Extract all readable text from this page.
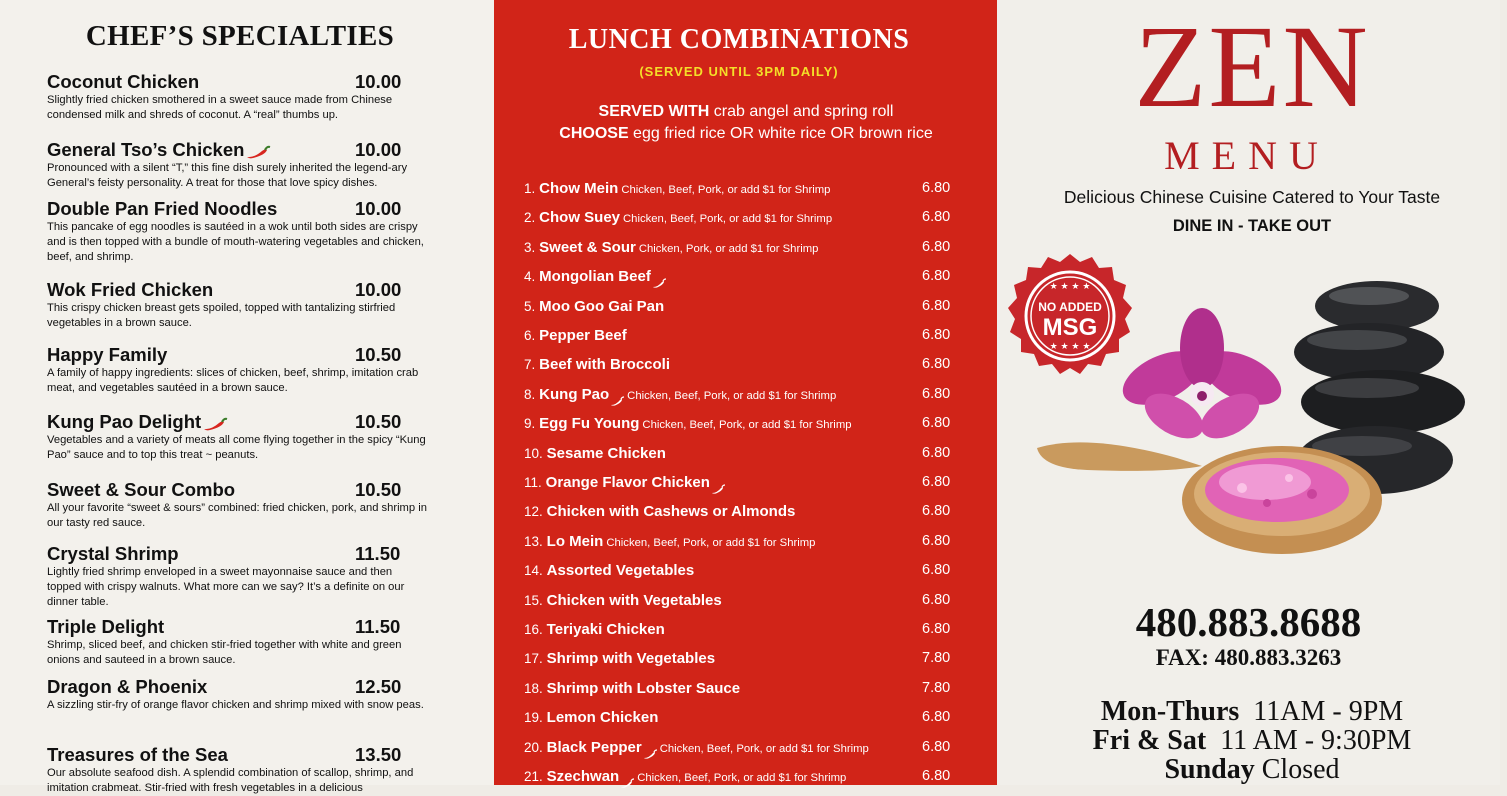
CHEF’S SPECIALTIES
Coconut Chicken	10.00
Slightly fried chicken smothered in a sweet sauce made from Chinese condensed milk and shreds of coconut. A “real” thumbs up.
General Tso’s Chicken	10.00
Pronounced with a silent “T,” this fine dish surely inherited the legend-ary General’s feisty personality. A treat for those that love spicy dishes.
Double Pan Fried Noodles	10.00
This pancake of egg noodles is sautéed in a wok until both sides are crispy and is then topped with a bundle of mouth-watering vegetables and chicken, beef, and shrimp.
Wok Fried Chicken	10.00
This crispy chicken breast gets spoiled, topped with tantalizing stirfried vegetables in a brown sauce.
Happy Family	10.50
A family of happy ingredients: slices of chicken, beef, shrimp, imitation crab meat, and vegetables sautéed in a brown sauce.
Kung Pao Delight	10.50
Vegetables and a variety of meats all come flying together in the spicy “Kung Pao” sauce and to top this treat ~ peanuts.
Sweet & Sour Combo	10.50
All your favorite “sweet & sours” combined: fried chicken, pork, and shrimp in our tasty red sauce.
Crystal Shrimp	11.50
Lightly fried shrimp enveloped in a sweet mayonnaise sauce and then topped with crispy walnuts. What more can we say? It’s a definite on our dinner table.
Triple Delight	11.50
Shrimp, sliced beef, and chicken stir-fried together with white and green onions and sauteed in a brown sauce.
Dragon & Phoenix	12.50
A sizzling stir-fry of orange flavor chicken and shrimp mixed with snow peas.
Treasures of the Sea	13.50
Our absolute seafood dish. A splendid combination of scallop, shrimp, and imitation crabmeat. Stir-fried with fresh vegetables in a delicious
LUNCH COMBINATIONS
(SERVED UNTIL 3PM DAILY)
SERVED WITH crab angel and spring roll
CHOOSE egg fried rice OR white rice OR brown rice
1. Chow Mein Chicken, Beef, Pork, or add $1 for Shrimp	6.80
2. Chow Suey Chicken, Beef, Pork, or add $1 for Shrimp	6.80
3. Sweet & Sour Chicken, Pork, or add $1 for Shrimp	6.80
4. Mongolian Beef	6.80
5. Moo Goo Gai Pan	6.80
6. Pepper Beef	6.80
7. Beef with Broccoli	6.80
8. Kung Pao Chicken, Beef, Pork, or add $1 for Shrimp	6.80
9. Egg Fu Young Chicken, Beef, Pork, or add $1 for Shrimp	6.80
10. Sesame Chicken	6.80
11. Orange Flavor Chicken	6.80
12. Chicken with Cashews or Almonds	6.80
13. Lo Mein Chicken, Beef, Pork, or add $1 for Shrimp	6.80
14. Assorted Vegetables	6.80
15. Chicken with Vegetables	6.80
16. Teriyaki Chicken	6.80
17. Shrimp with Vegetables	7.80
18. Shrimp with Lobster Sauce	7.80
19. Lemon Chicken	6.80
20. Black Pepper Chicken, Beef, Pork, or add $1 for Shrimp	6.80
21. Szechwan Chicken, Beef, Pork, or add $1 for Shrimp	6.80
ZEN
MENU
Delicious Chinese Cuisine Catered to Your Taste
DINE IN - TAKE OUT
★ ★ ★ ★
★ ★ ★ ★
NO ADDED
MSG
480.883.8688
FAX: 480.883.3263
Mon-Thurs  11AM - 9PM
Fri & Sat  11 AM - 9:30PM
Sunday Closed
